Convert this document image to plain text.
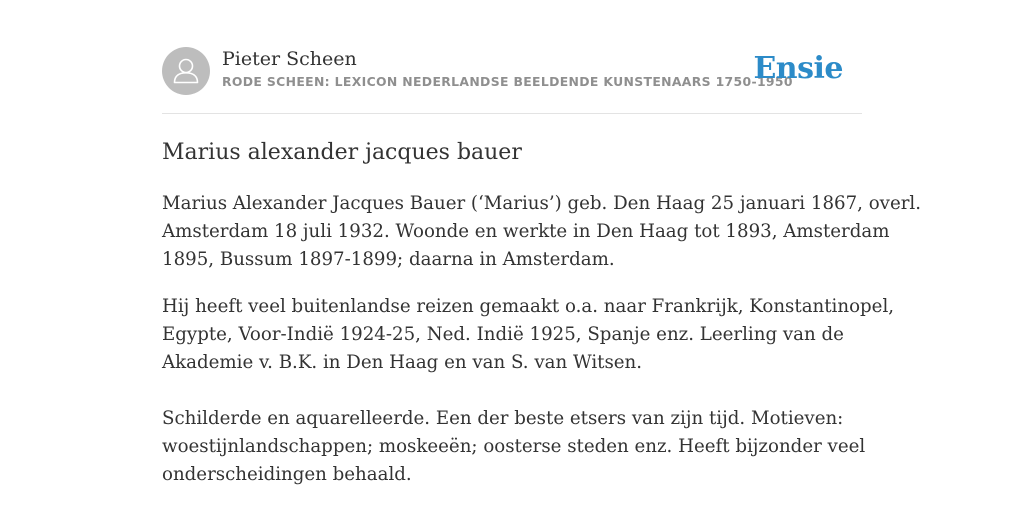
Pieter Scheen
RODE SCHEEN: LEXICON NEDERLANDSE BEELDENDE KUNSTENAARS 1750-1950
Ensie
Marius alexander jacques bauer

Marius Alexander Jacques Bauer (‘Marius’) geb. Den Haag 25 januari 1867, overl.
Amsterdam 18 juli 1932. Woonde en werkte in Den Haag tot 1893, Amsterdam
1895, Bussum 1897-1899; daarna in Amsterdam.

Hij heeft veel buitenlandse reizen gemaakt o.a. naar Frankrijk, Konstantinopel,
Egypte, Voor-Indië 1924-25, Ned. Indië 1925, Spanje enz. Leerling van de
Akademie v. B.K. in Den Haag en van S. van Witsen.

Schilderde en aquarelleerde. Een der beste etsers van zijn tijd. Motieven:
woestijnlandschappen; moskeeën; oosterse steden enz. Heeft bijzonder veel
onderscheidingen behaald.
